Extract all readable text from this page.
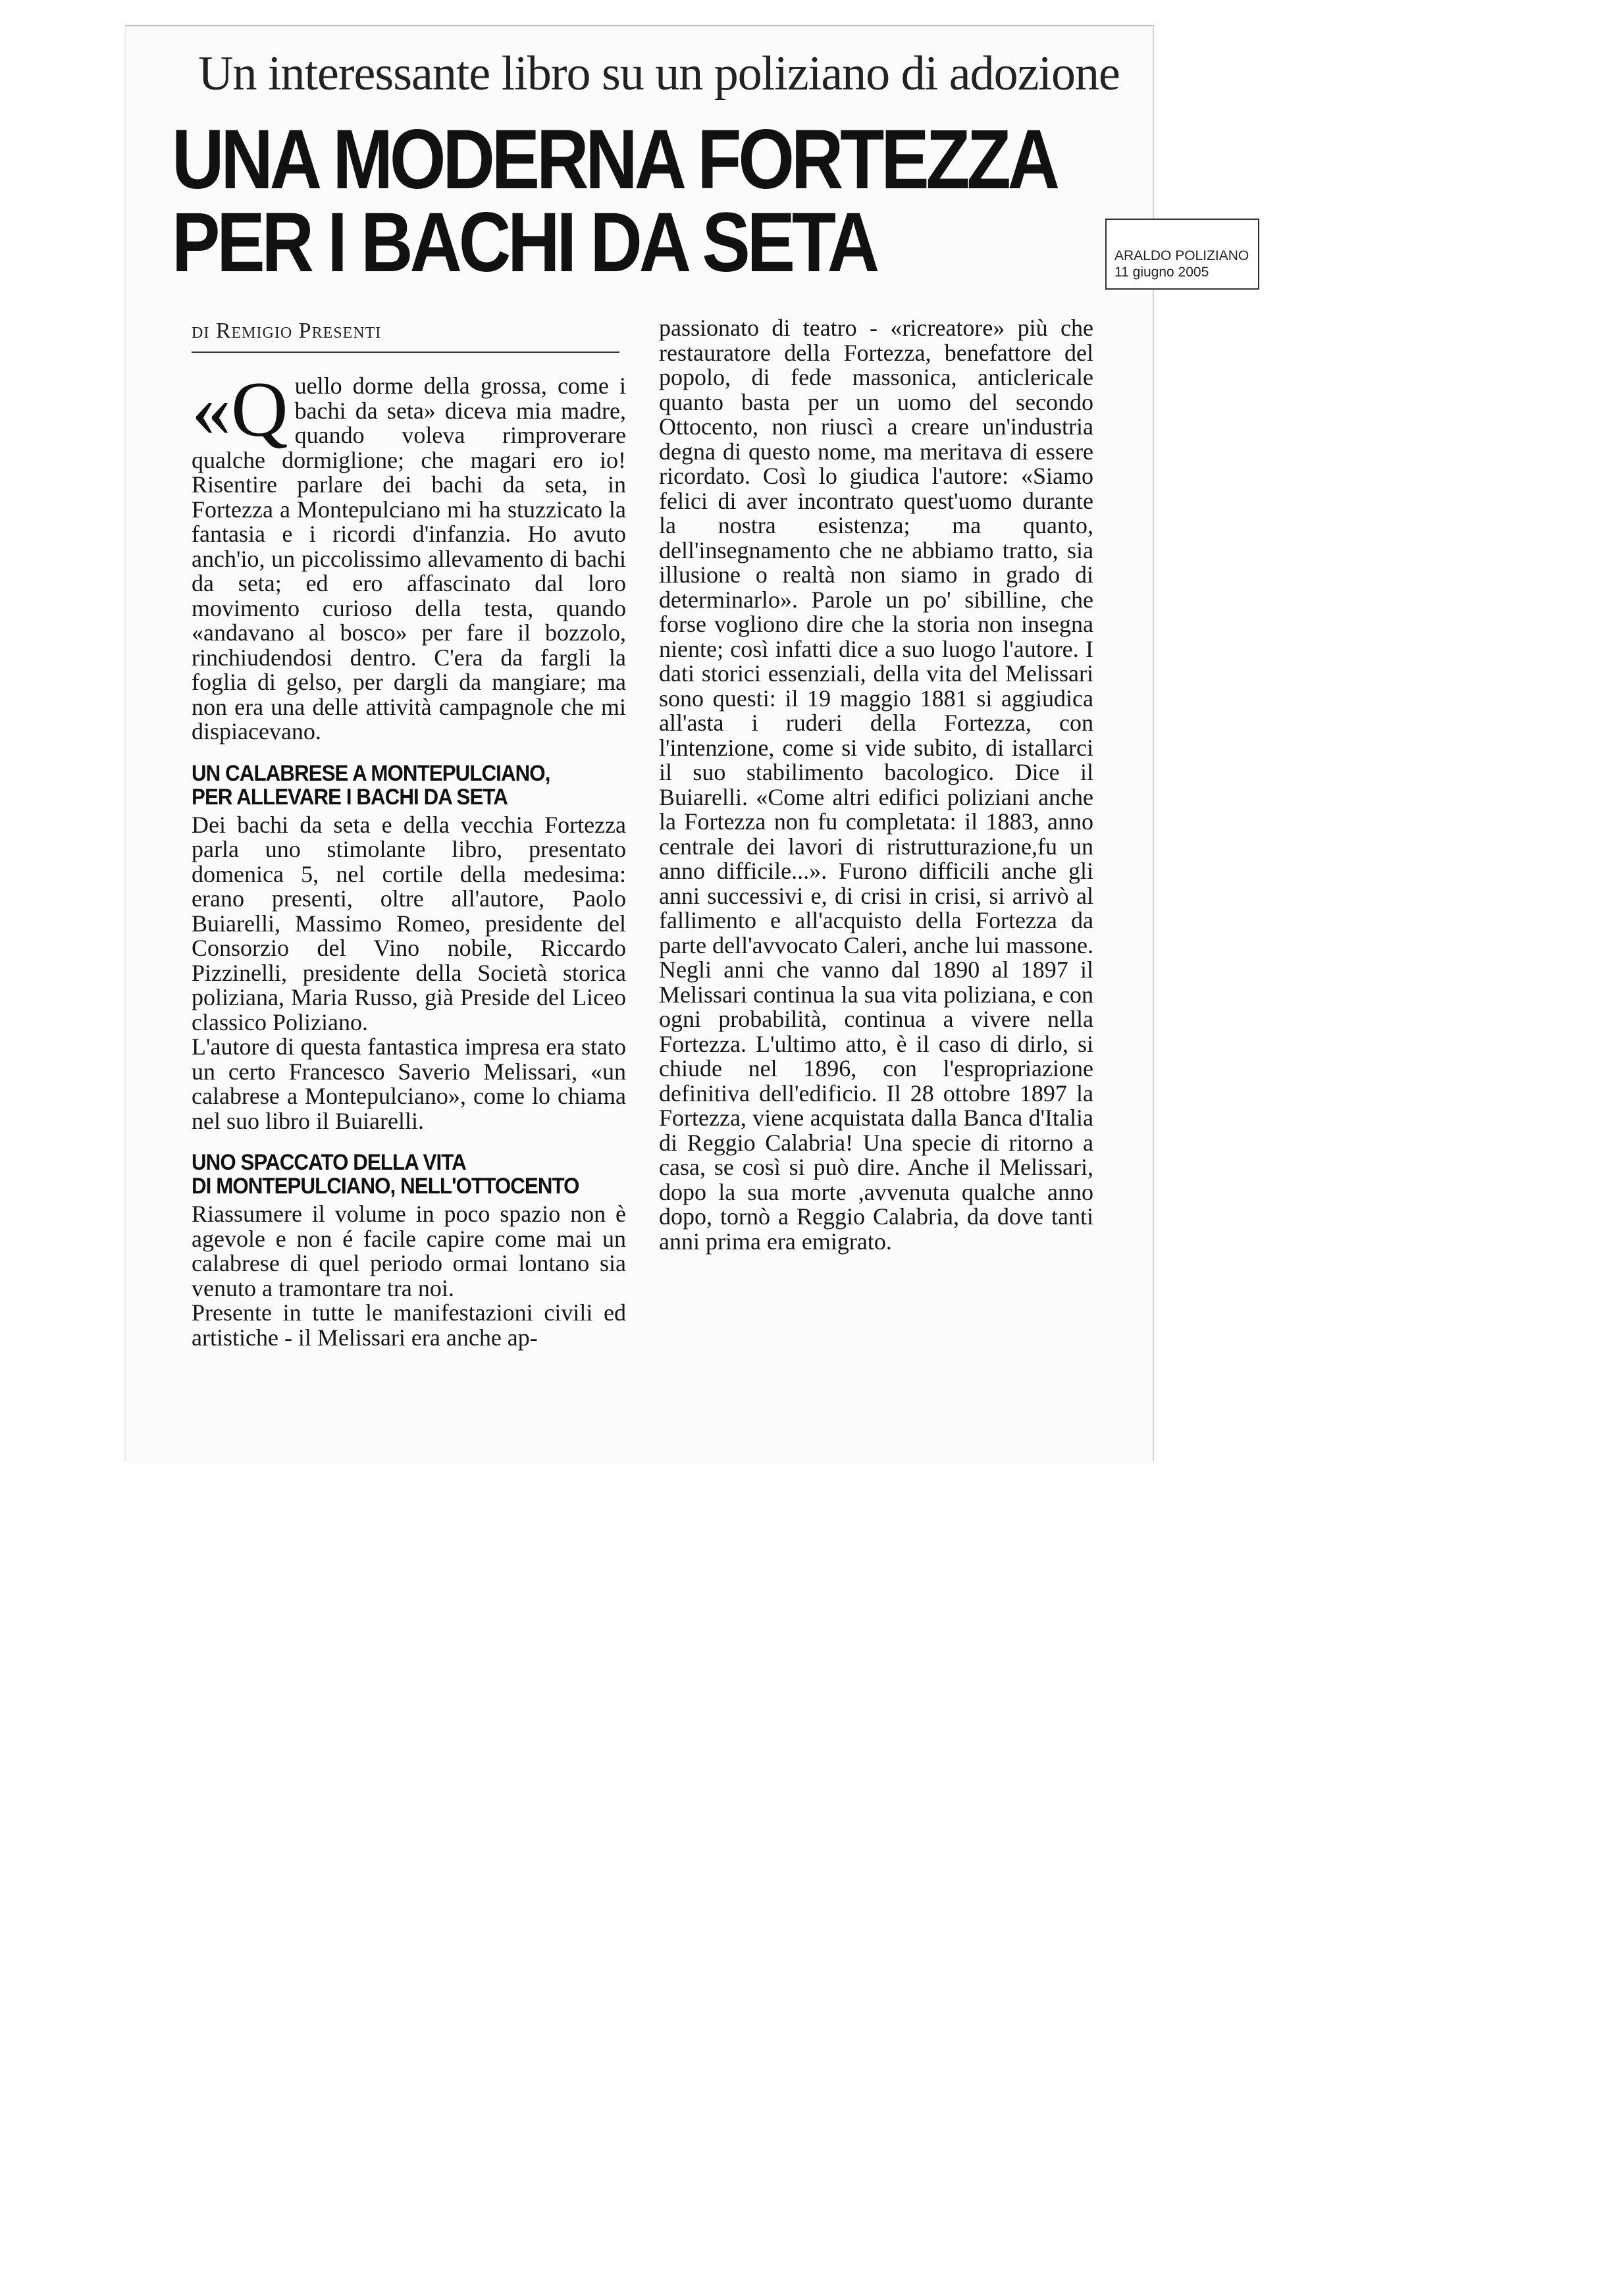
Un interessante libro su un poliziano di adozione
UNA MODERNA FORTEZZA
PER I BACHI DA SETA	ARALDO POLIZIANO
11 giugno 2005
di Remigio Presenti

«Q uello dorme della grossa, come i bachi da seta» diceva mia madre, quando voleva rimproverare qualche dormiglione; che magari ero io! Risentire parlare dei bachi da seta, in Fortezza a Montepulciano mi ha stuzzicato la fantasia e i ricordi d'infanzia. Ho avuto anch'io, un piccolissimo allevamento di bachi da seta; ed ero affascinato dal loro movimento curioso della testa, quando «andavano al bosco» per fare il bozzolo, rinchiudendosi dentro. C'era da fargli la foglia di gelso, per dargli da mangiare; ma non era una delle attività campagnole che mi dispiacevano.

UN CALABRESE A MONTEPULCIANO,
PER ALLEVARE I BACHI DA SETA

Dei bachi da seta e della vecchia Fortezza parla uno stimolante libro, presentato domenica 5, nel cortile della medesima: erano presenti, oltre all'autore, Paolo Buiarelli, Massimo Romeo, presidente del Consorzio del Vino nobile, Riccardo Pizzinelli, presidente della Società storica poliziana, Maria Russo, già Preside del Liceo classico Poliziano.

L'autore di questa fantastica impresa era stato un certo Francesco Saverio Melissari, «un calabrese a Montepulciano», come lo chiama nel suo libro il Buiarelli.

UNO SPACCATO DELLA VITA
DI MONTEPULCIANO, NELL'OTTOCENTO

Riassumere il volume in poco spazio non è agevole e non é facile capire come mai un calabrese di quel periodo ormai lontano sia venuto a tramontare tra noi.

Presente in tutte le manifestazioni civili ed artistiche - il Melissari era anche ap-

passionato di teatro - «ricreatore» più che restauratore della Fortezza, benefattore del popolo, di fede massonica, anticlericale quanto basta per un uomo del secondo Ottocento, non riuscì a creare un'industria degna di questo nome, ma meritava di essere ricordato. Così lo giudica l'autore: «Siamo felici di aver incontrato quest'uomo durante la nostra esistenza; ma quanto, dell'insegnamento che ne abbiamo tratto, sia illusione o realtà non siamo in grado di determinarlo». Parole un po' sibilline, che forse vogliono dire che la storia non insegna niente; così infatti dice a suo luogo l'autore. I dati storici essenziali, della vita del Melissari sono questi: il 19 maggio 1881 si aggiudica all'asta i ruderi della Fortezza, con l'intenzione, come si vide subito, di istallarci il suo stabilimento bacologico. Dice il Buiarelli. «Come altri edifici poliziani anche la Fortezza non fu completata: il 1883, anno centrale dei lavori di ristrutturazione,fu un anno difficile...». Furono difficili anche gli anni successivi e, di crisi in crisi, si arrivò al fallimento e all'acquisto della Fortezza da parte dell'avvocato Caleri, anche lui massone. Negli anni che vanno dal 1890 al 1897 il Melissari continua la sua vita poliziana, e con ogni probabilità, continua a vivere nella Fortezza. L'ultimo atto, è il caso di dirlo, si chiude nel 1896, con l'espropriazione definitiva dell'edificio. Il 28 ottobre 1897 la Fortezza, viene acquistata dalla Banca d'Italia di Reggio Calabria! Una specie di ritorno a casa, se così si può dire. Anche il Melissari, dopo la sua morte ,avvenuta qualche anno dopo, tornò a Reggio Calabria, da dove tanti anni prima era emigrato.
